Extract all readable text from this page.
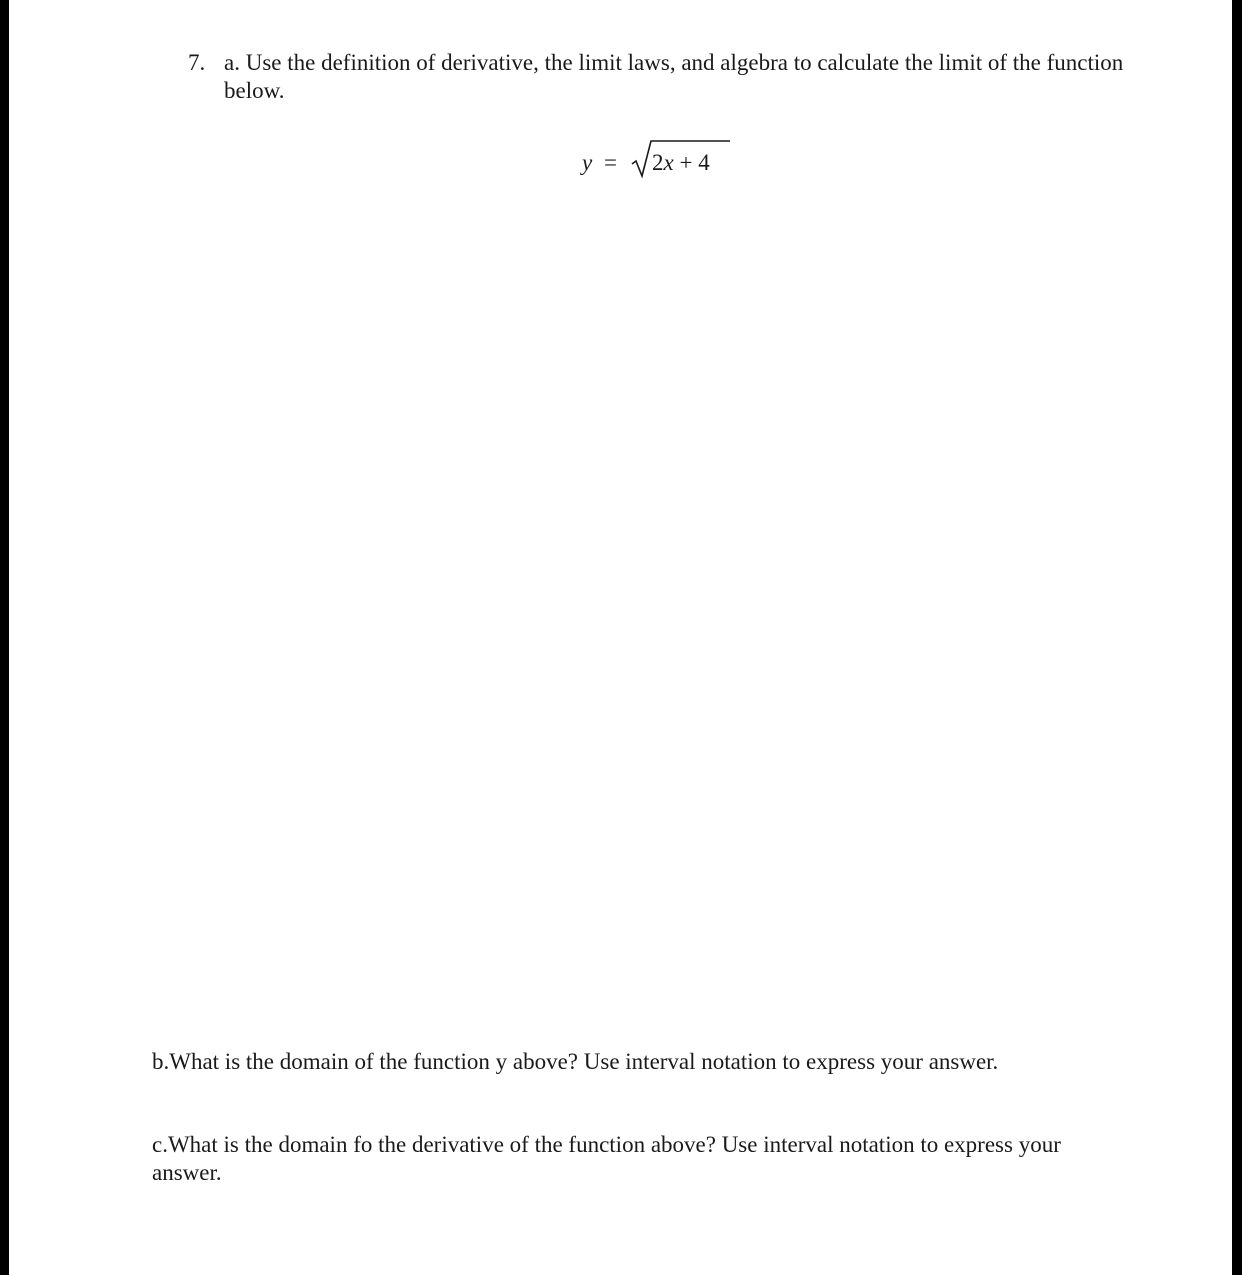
7. a. Use the definition of derivative, the limit laws, and algebra to calculate the limit of the function below.
y = 2x + 4
b.What is the domain of the function y above? Use interval notation to express your answer.
c.What is the domain fo the derivative of the function above? Use interval notation to express your answer.
